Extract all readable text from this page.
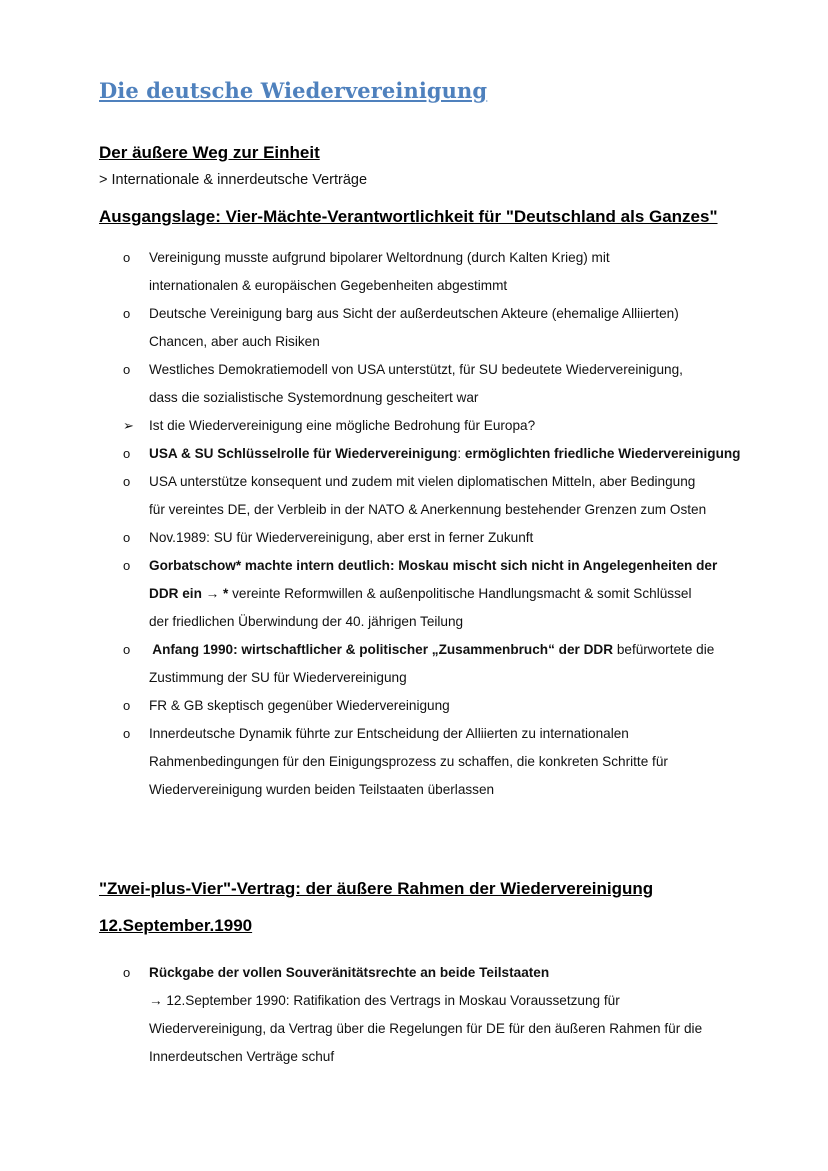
Die deutsche Wiedervereinigung
Der äußere Weg zur Einheit

> Internationale & innerdeutsche Verträge

Ausgangslage: Vier-Mächte-Verantwortlichkeit für "Deutschland als Ganzes"
o Vereinigung musste aufgrund bipolarer Weltordnung (durch Kalten Krieg) mit
internationalen & europäischen Gegebenheiten abgestimmt
o Deutsche Vereinigung barg aus Sicht der außerdeutschen Akteure (ehemalige Alliierten)
Chancen, aber auch Risiken
o Westliches Demokratiemodell von USA unterstützt, für SU bedeutete Wiedervereinigung,
dass die sozialistische Systemordnung gescheitert war
➢ Ist die Wiedervereinigung eine mögliche Bedrohung für Europa?
o USA & SU Schlüsselrolle für Wiedervereinigung: ermöglichten friedliche Wiedervereinigung
o USA unterstütze konsequent und zudem mit vielen diplomatischen Mitteln, aber Bedingung
für vereintes DE, der Verbleib in der NATO & Anerkennung bestehender Grenzen zum Osten
o Nov.1989: SU für Wiedervereinigung, aber erst in ferner Zukunft
o Gorbatschow* machte intern deutlich: Moskau mischt sich nicht in Angelegenheiten der
DDR ein → * vereinte Reformwillen & außenpolitische Handlungsmacht & somit Schlüssel
der friedlichen Überwindung der 40. jährigen Teilung
o Anfang 1990: wirtschaftlicher & politischer „Zusammenbruch“ der DDR befürwortete die
Zustimmung der SU für Wiedervereinigung
o FR & GB skeptisch gegenüber Wiedervereinigung
o Innerdeutsche Dynamik führte zur Entscheidung der Alliierten zu internationalen
Rahmenbedingungen für den Einigungsprozess zu schaffen, die konkreten Schritte für
Wiedervereinigung wurden beiden Teilstaaten überlassen
"Zwei-plus-Vier"-Vertrag: der äußere Rahmen der Wiedervereinigung
12.September.1990
o Rückgabe der vollen Souveränitätsrechte an beide Teilstaaten
→ 12.September 1990: Ratifikation des Vertrags in Moskau Voraussetzung für
Wiedervereinigung, da Vertrag über die Regelungen für DE für den äußeren Rahmen für die
Innerdeutschen Verträge schuf
